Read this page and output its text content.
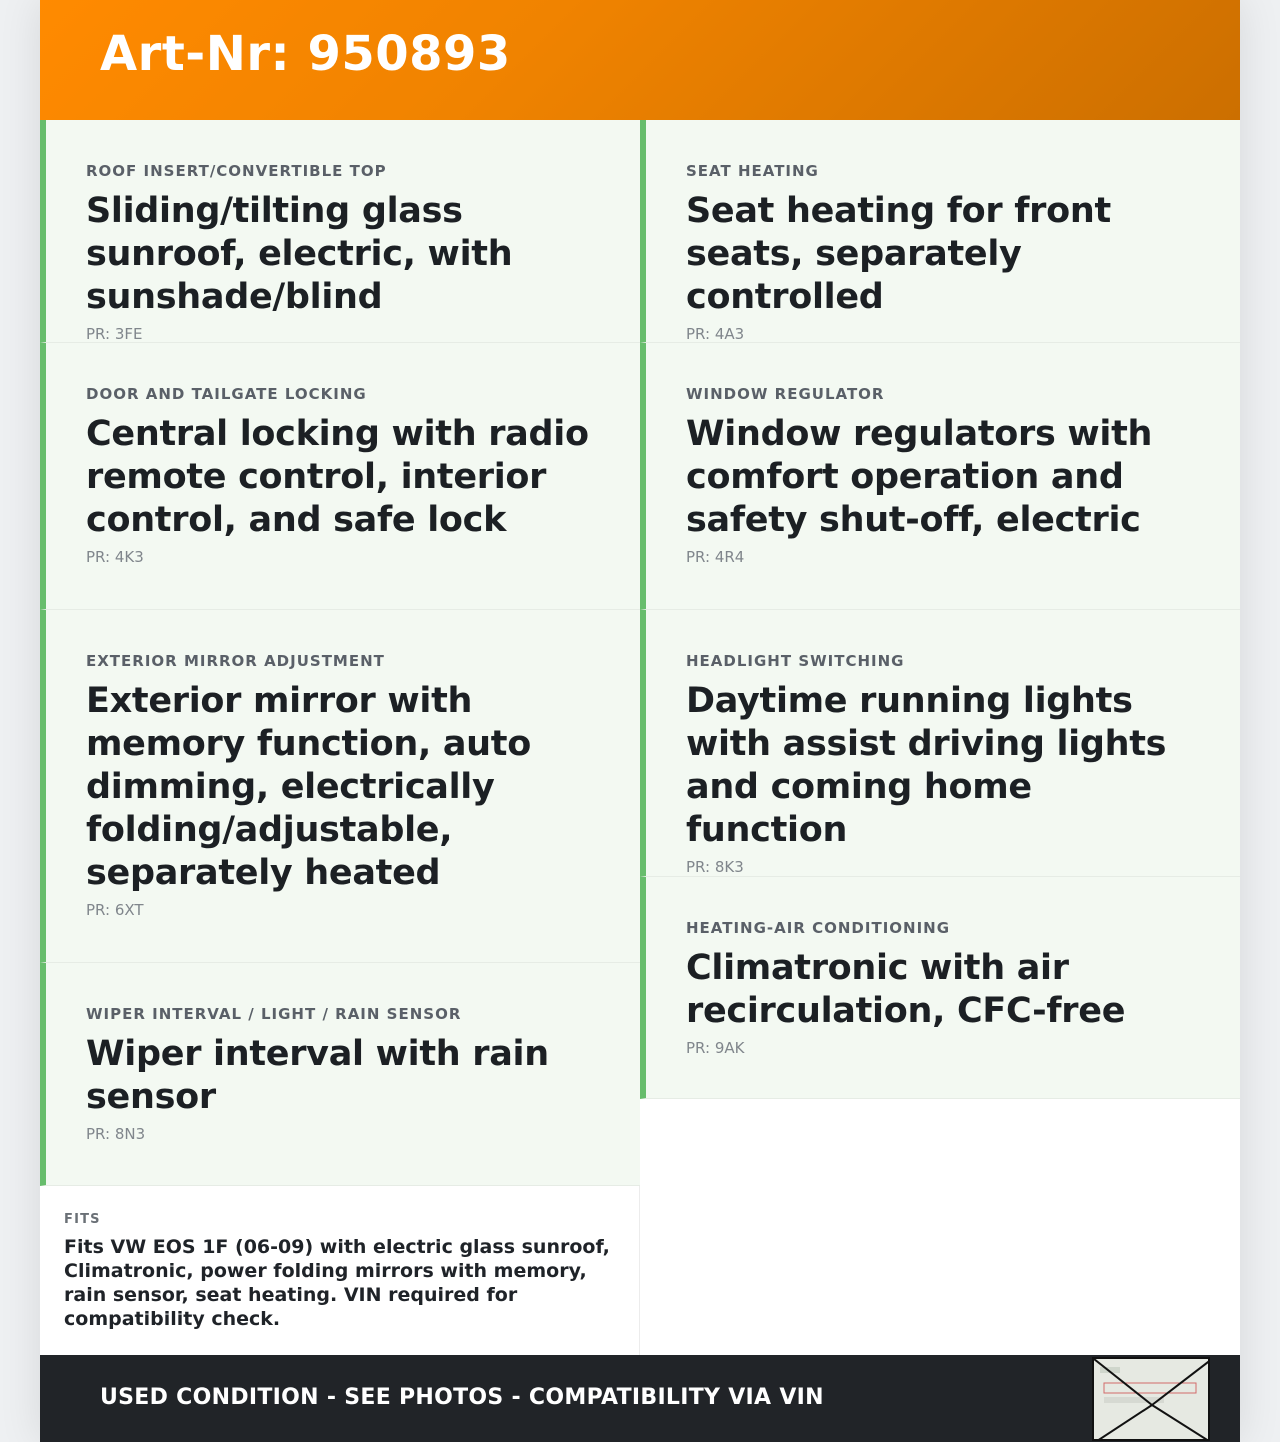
Art-Nr: 950893
ROOF INSERT/CONVERTIBLE TOP
Sliding/tilting glass sunroof, electric, with sunshade/blind
PR: 3FE
DOOR AND TAILGATE LOCKING
Central locking with radio remote control, interior control, and safe lock
PR: 4K3
EXTERIOR MIRROR ADJUSTMENT
Exterior mirror with memory function, auto dimming, electrically folding/adjustable, separately heated
PR: 6XT
WIPER INTERVAL / LIGHT / RAIN SENSOR
Wiper interval with rain sensor
PR: 8N3
SEAT HEATING
Seat heating for front seats, separately controlled
PR: 4A3
WINDOW REGULATOR
Window regulators with comfort operation and safety shut-off, electric
PR: 4R4
HEADLIGHT SWITCHING
Daytime running lights with assist driving lights and coming home function
PR: 8K3
HEATING-AIR CONDITIONING
Climatronic with air recirculation, CFC-free
PR: 9AK
FITS
Fits VW EOS 1F (06-09) with electric glass sunroof, Climatronic, power folding mirrors with memory, rain sensor, seat heating. VIN required for compatibility check.
USED CONDITION - SEE PHOTOS - COMPATIBILITY VIA VIN
